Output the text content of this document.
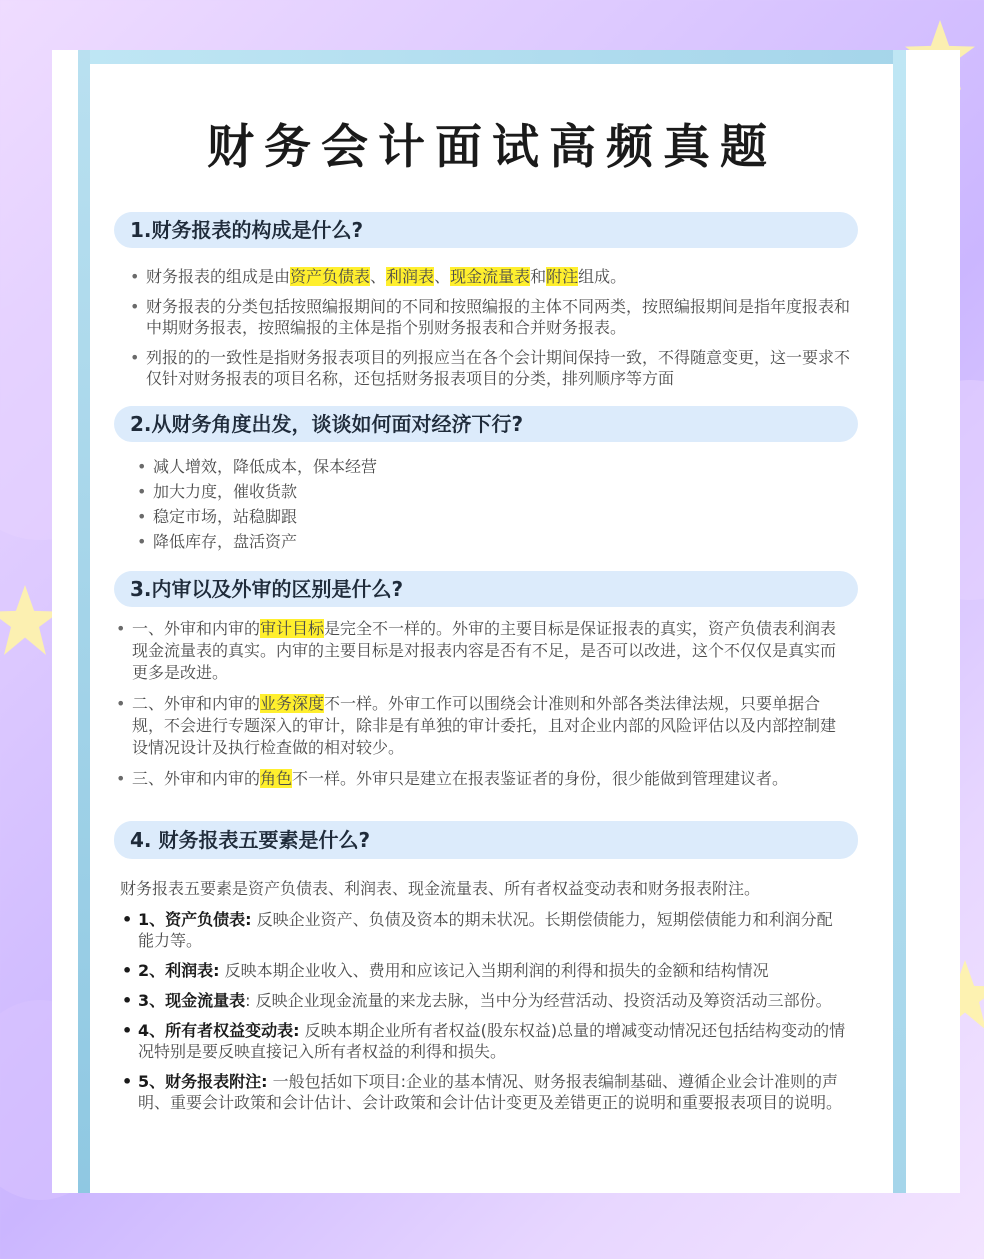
财务会计面试高频真题
1.财务报表的构成是什么?
• 财务报表的组成是由资产负债表、利润表、现金流量表和附注组成。
• 财务报表的分类包括按照编报期间的不同和按照编报的主体不同两类，按照编报期间是指年度报表和中期财务报表，按照编报的主体是指个别财务报表和合并财务报表。
• 列报的的一致性是指财务报表项目的列报应当在各个会计期间保持一致，不得随意变更，这一要求不仅针对财务报表的项目名称，还包括财务报表项目的分类，排列顺序等方面
2.从财务角度出发，谈谈如何面对经济下行?
• 减人增效，降低成本，保本经营
• 加大力度，催收货款
• 稳定市场，站稳脚跟
• 降低库存，盘活资产
3.内审以及外审的区别是什么?
• 一、外审和内审的审计目标是完全不一样的。外审的主要目标是保证报表的真实，资产负债表利润表现金流量表的真实。内审的主要目标是对报表内容是否有不足，是否可以改进，这个不仅仅是真实而更多是改进。
• 二、外审和内审的业务深度不一样。外审工作可以围绕会计准则和外部各类法律法规，只要单据合规，不会进行专题深入的审计，除非是有单独的审计委托，且对企业内部的风险评估以及内部控制建设情况设计及执行检查做的相对较少。
• 三、外审和内审的角色不一样。外审只是建立在报表鉴证者的身份，很少能做到管理建议者。
4. 财务报表五要素是什么?
财务报表五要素是资产负债表、利润表、现金流量表、所有者权益变动表和财务报表附注。
• 1、资产负债表: 反映企业资产、负债及资本的期未状况。长期偿债能力，短期偿债能力和利润分配能力等。
• 2、利润表: 反映本期企业收入、费用和应该记入当期利润的利得和损失的金额和结构情况
• 3、现金流量表: 反映企业现金流量的来龙去脉，当中分为经营活动、投资活动及筹资活动三部份。
• 4、所有者权益变动表: 反映本期企业所有者权益(股东权益)总量的增减变动情况还包括结构变动的情况特别是要反映直接记入所有者权益的利得和损失。
• 5、财务报表附注: 一般包括如下项目:企业的基本情况、财务报表编制基础、遵循企业会计准则的声明、重要会计政策和会计估计、会计政策和会计估计变更及差错更正的说明和重要报表项目的说明。
